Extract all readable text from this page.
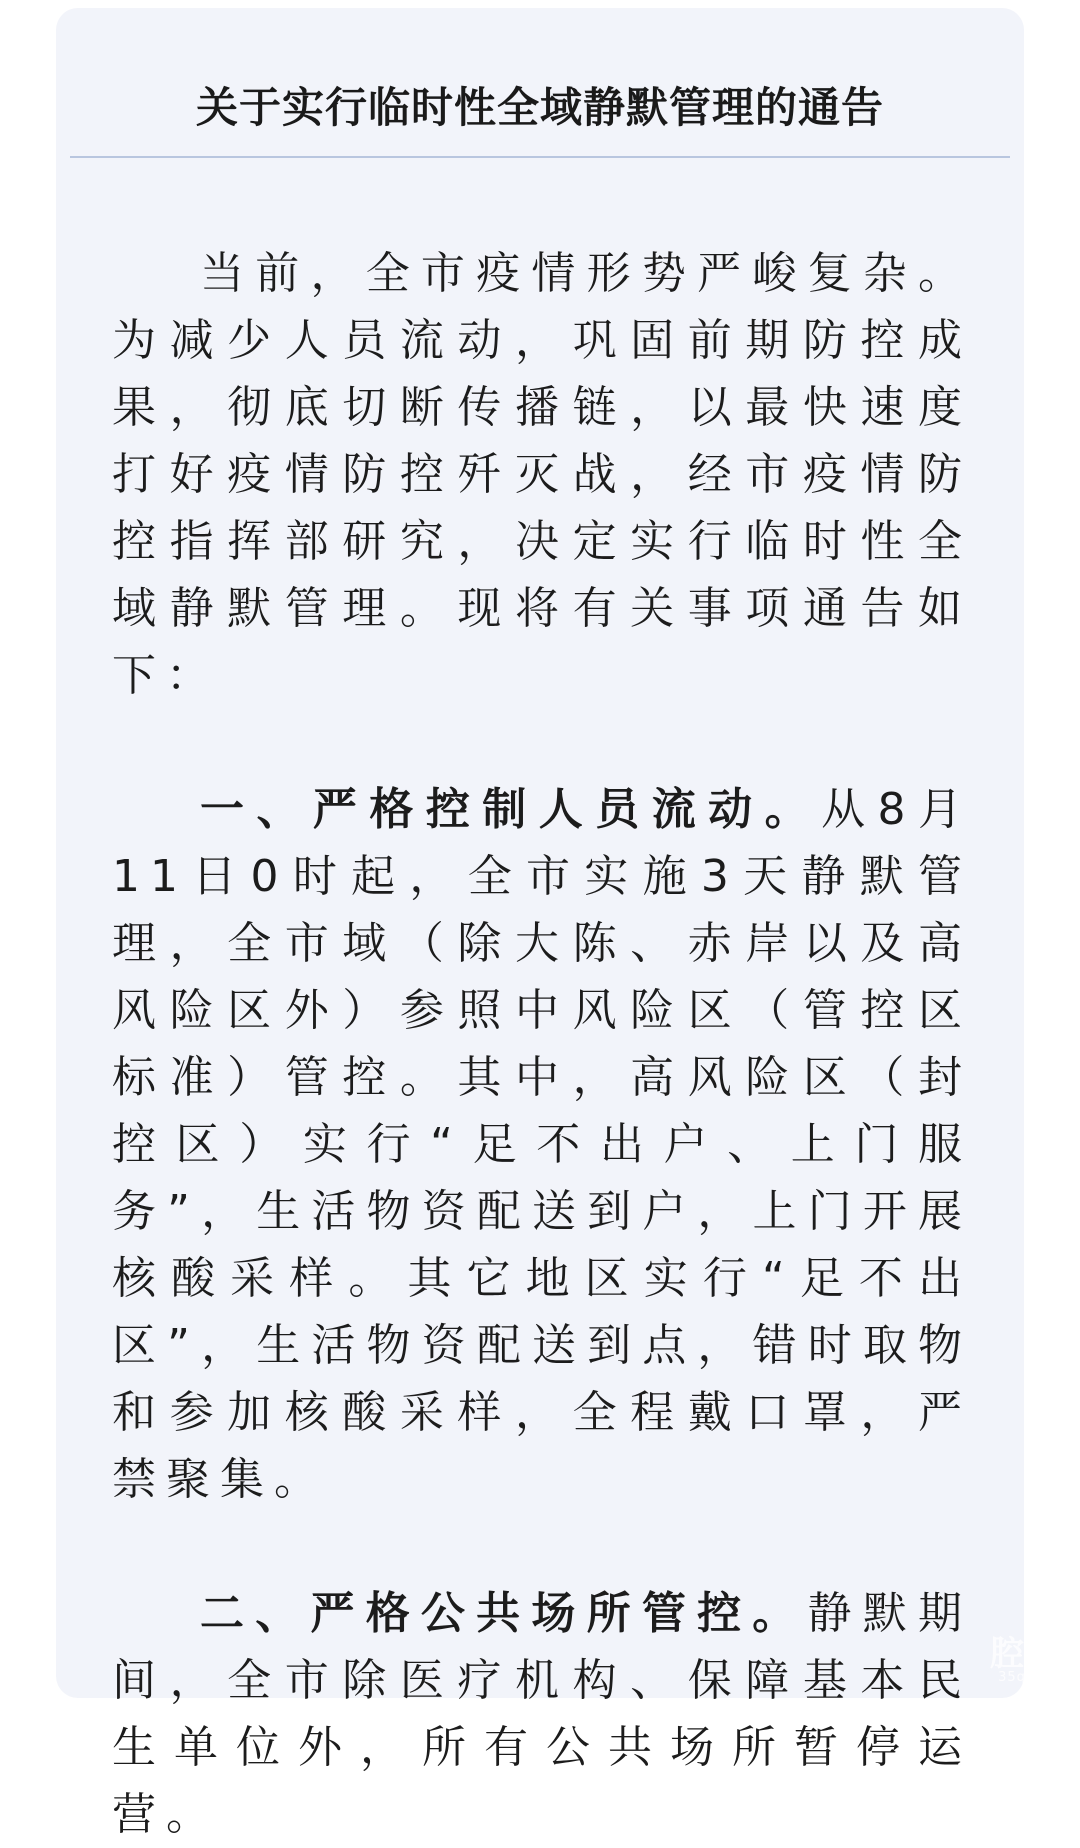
关于实行临时性全域静默管理的通告

当前，全市疫情形势严峻复杂。为减少人员流动，巩固前期防控成果，彻底切断传播链，以最快速度打好疫情防控歼灭战，经市疫情防控指挥部研究，决定实行临时性全域静默管理。现将有关事项通告如下：

一、严格控制人员流动。从8月11日0时起，全市实施3天静默管理，全市域（除大陈、赤岸以及高风险区外）参照中风险区（管控区标准）管控。其中，高风险区（封控区）实行“足不出户、上门服务”，生活物资配送到户，上门开展核酸采样。其它地区实行“足不出区”，生活物资配送到点，错时取物和参加核酸采样，全程戴口罩，严禁聚集。

二、严格公共场所管控。静默期间，全市除医疗机构、保障基本民生单位外，所有公共场所暂停运营。

腔友
35qiang
